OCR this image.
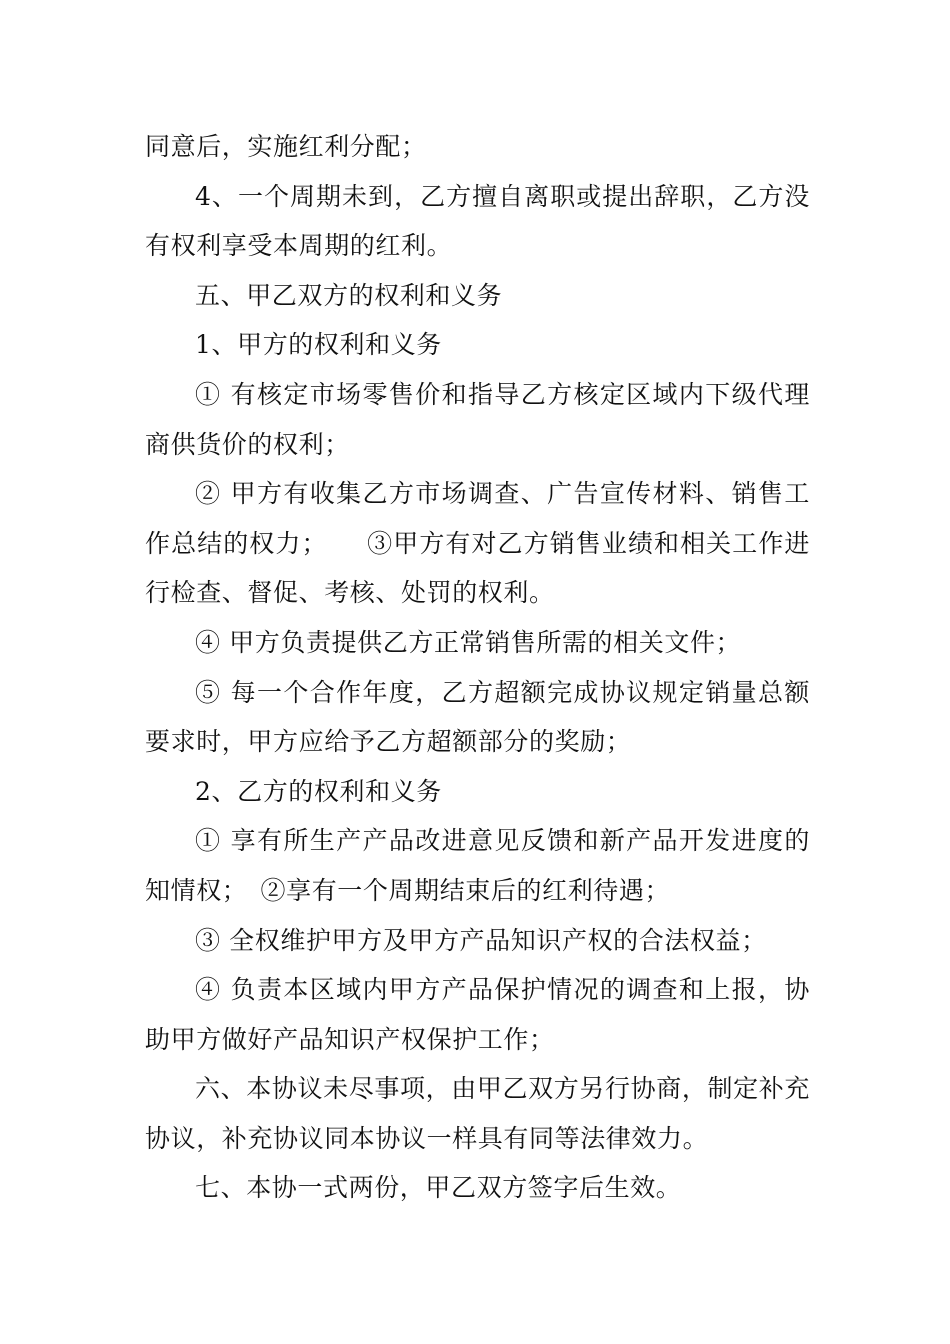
同意后，实施红利分配；

4、一个周期未到，乙方擅自离职或提出辞职，乙方没有权利享受本周期的红利。

五、甲乙双方的权利和义务

1、甲方的权利和义务

① 有核定市场零售价和指导乙方核定区域内下级代理商供货价的权利；

② 甲方有收集乙方市场调查、广告宣传材料、销售工作总结的权力；　　③甲方有对乙方销售业绩和相关工作进行检查、督促、考核、处罚的权利。

④ 甲方负责提供乙方正常销售所需的相关文件；

⑤ 每一个合作年度，乙方超额完成协议规定销量总额要求时，甲方应给予乙方超额部分的奖励；

2、乙方的权利和义务

① 享有所生产产品改进意见反馈和新产品开发进度的知情权；　②享有一个周期结束后的红利待遇；

③ 全权维护甲方及甲方产品知识产权的合法权益；

④ 负责本区域内甲方产品保护情况的调查和上报，协助甲方做好产品知识产权保护工作；

六、本协议未尽事项，由甲乙双方另行协商，制定补充协议，补充协议同本协议一样具有同等法律效力。

七、本协一式两份，甲乙双方签字后生效。
